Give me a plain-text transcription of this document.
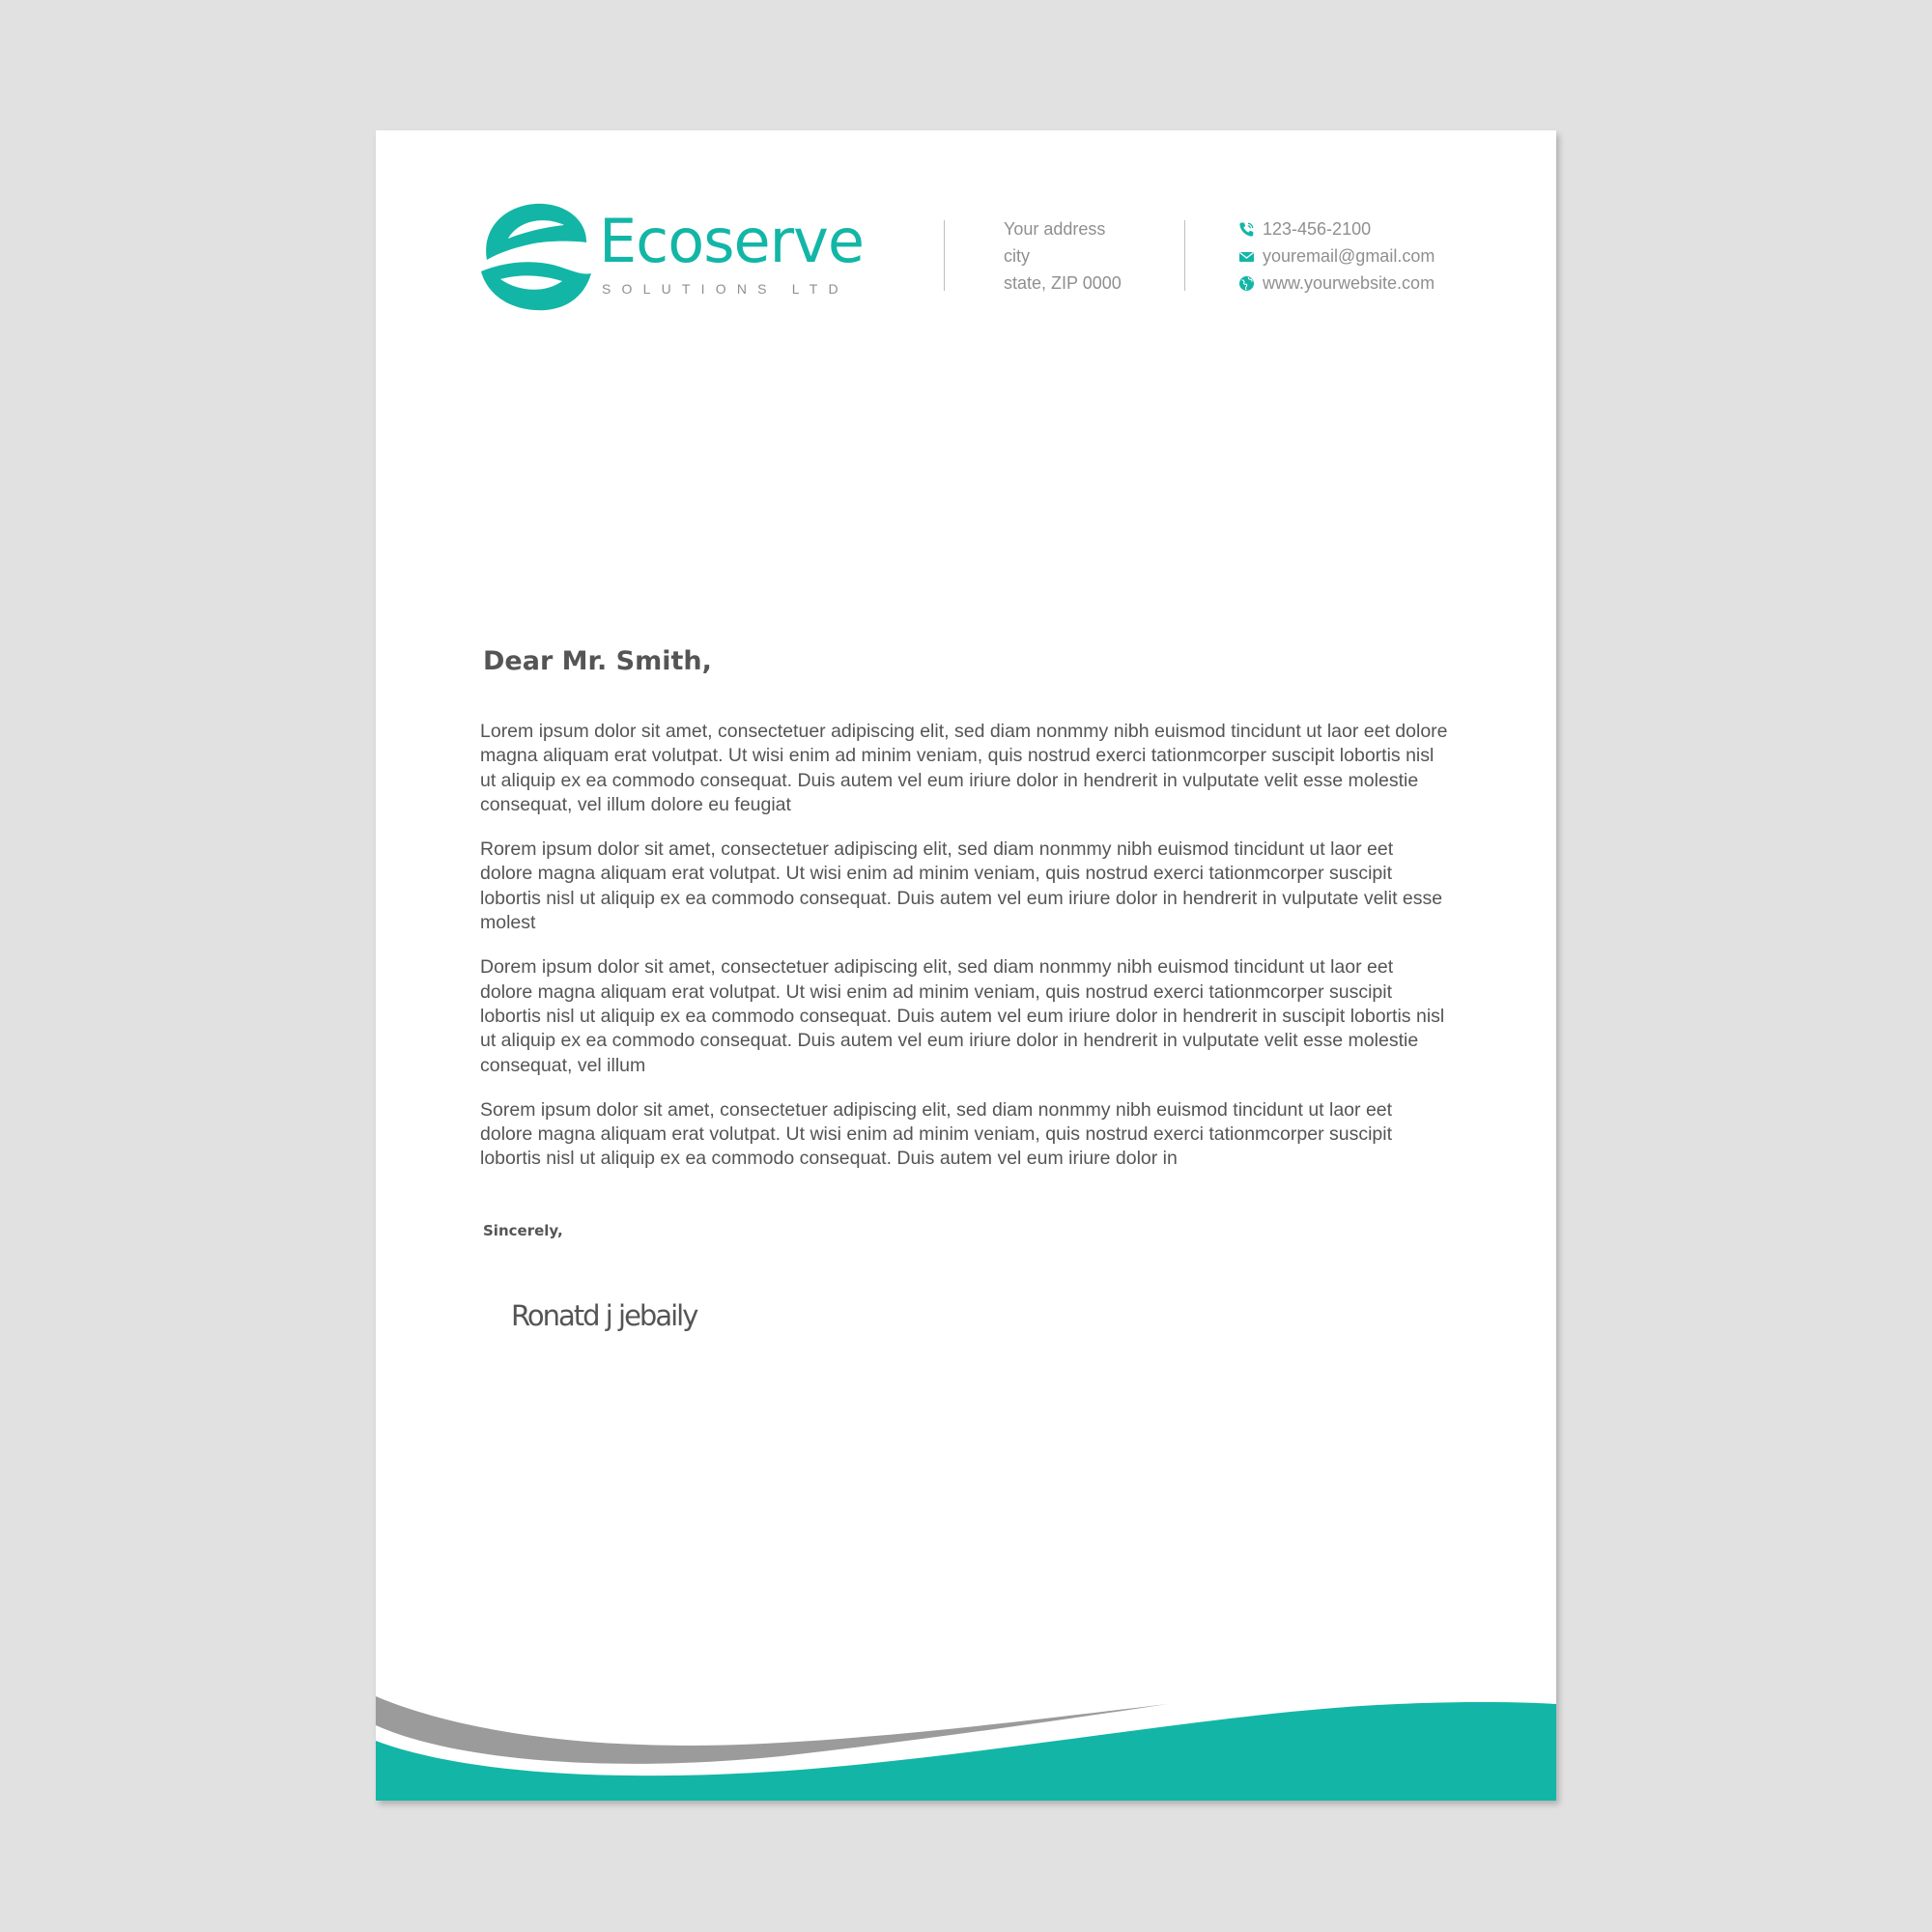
Ecoserve
SOLUTIONS LTD
Your address
city
state, ZIP 0000
123-456-2100
youremail@gmail.com
www.yourwebsite.com
Dear Mr. Smith,

Lorem ipsum dolor sit amet, consectetuer adipiscing elit, sed diam nonmmy nibh euismod tincidunt ut laor eet dolore magna aliquam erat volutpat. Ut wisi enim ad minim veniam, quis nostrud exerci tationmcorper suscipit lobortis nisl ut aliquip ex ea commodo consequat. Duis autem vel eum iriure dolor in hendrerit in vulputate velit esse molestie consequat, vel illum dolore eu feugiat

Rorem ipsum dolor sit amet, consectetuer adipiscing elit, sed diam nonmmy nibh euismod tincidunt ut laor eet dolore magna aliquam erat volutpat. Ut wisi enim ad minim veniam, quis nostrud exerci tationmcorper suscipit lobortis nisl ut aliquip ex ea commodo consequat. Duis autem vel eum iriure dolor in hendrerit in vulputate velit esse molest

Dorem ipsum dolor sit amet, consectetuer adipiscing elit, sed diam nonmmy nibh euismod tincidunt ut laor eet dolore magna aliquam erat volutpat. Ut wisi enim ad minim veniam, quis nostrud exerci tationmcorper suscipit lobortis nisl ut aliquip ex ea commodo consequat. Duis autem vel eum iriure dolor in hendrerit in suscipit lobortis nisl ut aliquip ex ea commodo consequat. Duis autem vel eum iriure dolor in hendrerit in vulputate velit esse molestie consequat, vel illum

Sorem ipsum dolor sit amet, consectetuer adipiscing elit, sed diam nonmmy nibh euismod tincidunt ut laor eet dolore magna aliquam erat volutpat. Ut wisi enim ad minim veniam, quis nostrud exerci tationmcorper suscipit lobortis nisl ut aliquip ex ea commodo consequat. Duis autem vel eum iriure dolor in

Sincerely,
Ronatd j jebaily
